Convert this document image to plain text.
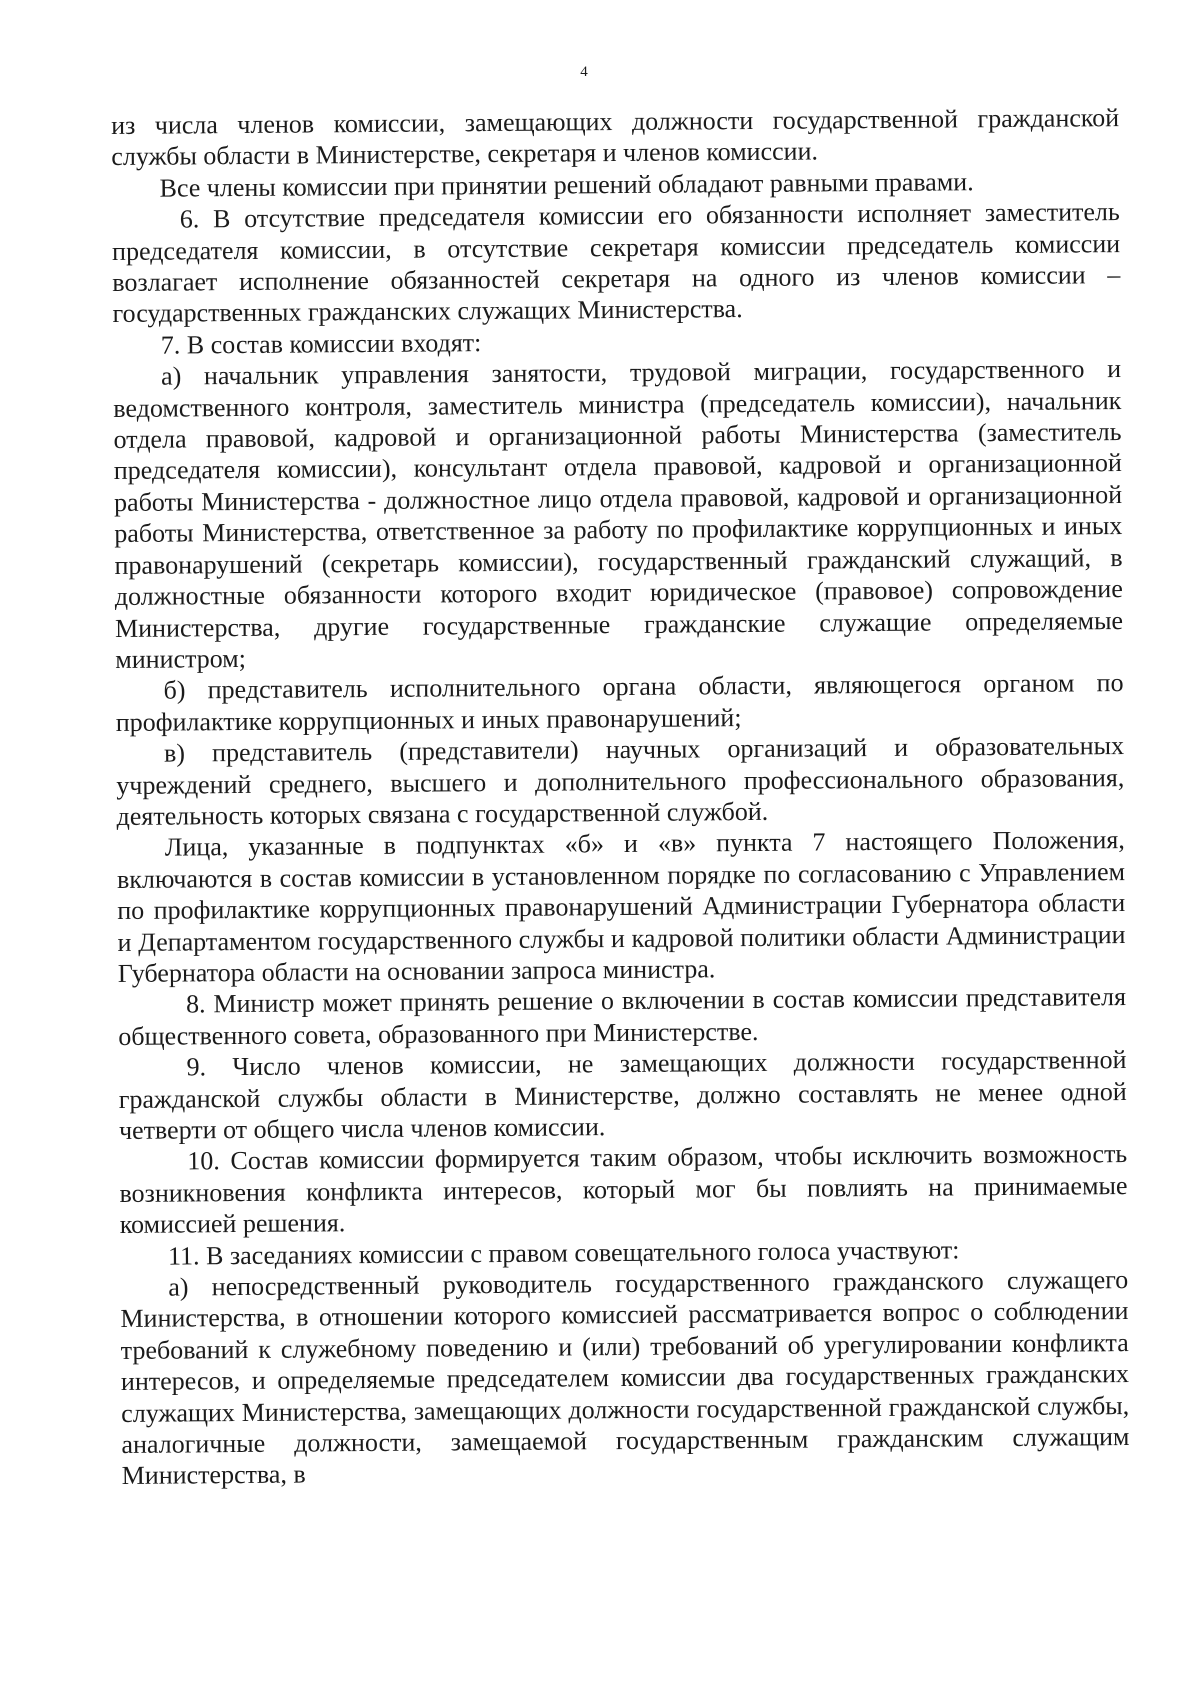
4

из числа членов комиссии, замещающих должности государственной гражданской службы области в Министерстве, секретаря и членов комиссии.

Все члены комиссии при принятии решений обладают равными правами.

6. В отсутствие председателя комиссии его обязанности исполняет заместитель председателя комиссии, в отсутствие секретаря комиссии председатель комиссии возлагает исполнение обязанностей секретаря на одного из членов комиссии – государственных гражданских служащих Министерства.

7. В состав комиссии входят:

а) начальник управления занятости, трудовой миграции, государственного и ведомственного контроля, заместитель министра (председатель комиссии), начальник отдела правовой, кадровой и организационной работы Министерства (заместитель председателя комиссии), консультант отдела правовой, кадровой и организационной работы Министерства - должностное лицо отдела правовой, кадровой и организационной работы Министерства, ответственное за работу по профилактике коррупционных и иных правонарушений (секретарь комиссии), государственный гражданский служащий, в должностные обязанности которого входит юридическое (правовое) сопровождение Министерства, другие государственные гражданские служащие определяемые министром;

б) представитель исполнительного органа области, являющегося органом по профилактике коррупционных и иных правонарушений;

в) представитель (представители) научных организаций и образовательных учреждений среднего, высшего и дополнительного профессионального образования, деятельность которых связана с государственной службой.

Лица, указанные в подпунктах «б» и «в» пункта 7 настоящего Положения, включаются в состав комиссии в установленном порядке по согласованию с Управлением по профилактике коррупционных правонарушений Администрации Губернатора области и Департаментом государственного службы и кадровой политики области Администрации Губернатора области на основании запроса министра.

8. Министр может принять решение о включении в состав комиссии представителя общественного совета, образованного при Министерстве.

9. Число членов комиссии, не замещающих должности государственной гражданской службы области в Министерстве, должно составлять не менее одной четверти от общего числа членов комиссии.

10. Состав комиссии формируется таким образом, чтобы исключить возможность возникновения конфликта интересов, который мог бы повлиять на принимаемые комиссией решения.

11. В заседаниях комиссии с правом совещательного голоса участвуют:

а) непосредственный руководитель государственного гражданского служащего Министерства, в отношении которого комиссией рассматривается вопрос о соблюдении требований к служебному поведению и (или) требований об урегулировании конфликта интересов, и определяемые председателем комиссии два государственных гражданских служащих Министерства, замещающих должности государственной гражданской службы, аналогичные должности, замещаемой государственным гражданским служащим Министерства, в
